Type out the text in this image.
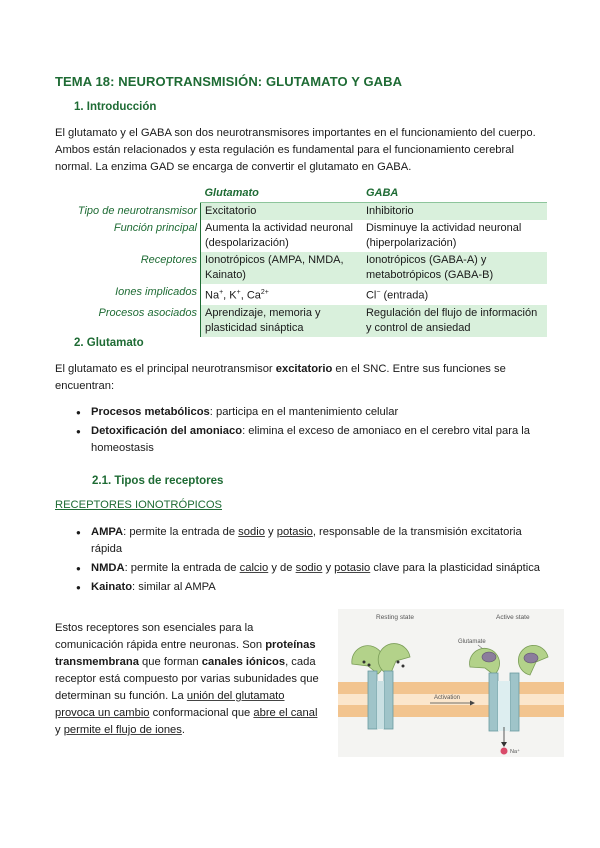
TEMA 18: NEUROTRANSMISIÓN: GLUTAMATO Y GABA
1. Introducción

El glutamato y el GABA son dos neurotransmisores importantes en el funcionamiento del cuerpo. Ambos están relacionados y esta regulación es fundamental para el funcionamiento cerebral normal. La enzima GAD se encarga de convertir el glutamato en GABA.

	Glutamato	GABA
Tipo de neurotransmisor	Excitatorio	Inhibitorio
Función principal	Aumenta la actividad neuronal (despolarización)	Disminuye la actividad neuronal (hiperpolarización)
Receptores	Ionotrópicos (AMPA, NMDA, Kainato)	Ionotrópicos (GABA-A) y metabotrópicos (GABA-B)
Iones implicados	Na+, K+, $Ca^{2+}$	Cl− (entrada)
Procesos asociados	Aprendizaje, memoria y plasticidad sináptica	Regulación del flujo de información y control de ansiedad
2. Glutamato

El glutamato es el principal neurotransmisor excitatorio en el SNC. Entre sus funciones se encuentran:

● Procesos metabólicos: participa en el mantenimiento celular
● Detoxificación del amoniaco: elimina el exceso de amoniaco en el cerebro vital para la homeostasis
2.1. Tipos de receptores
RECEPTORES IONOTRÓPICOS
● AMPA: permite la entrada de sodio y potasio, responsable de la transmisión excitatoria rápida
● NMDA: permite la entrada de calcio y de sodio y potasio clave para la plasticidad sináptica
● Kainato: similar al AMPA

Estos receptores son esenciales para la comunicación rápida entre neuronas. Son proteínas transmembrana que forman canales iónicos, cada receptor está compuesto por varias subunidades que determinan su función. La unión del glutamato provoca un cambio conformacional que abre el canal y permite el flujo de iones.

Resting state	Active state
Glutamate
Na⁺
Activation
